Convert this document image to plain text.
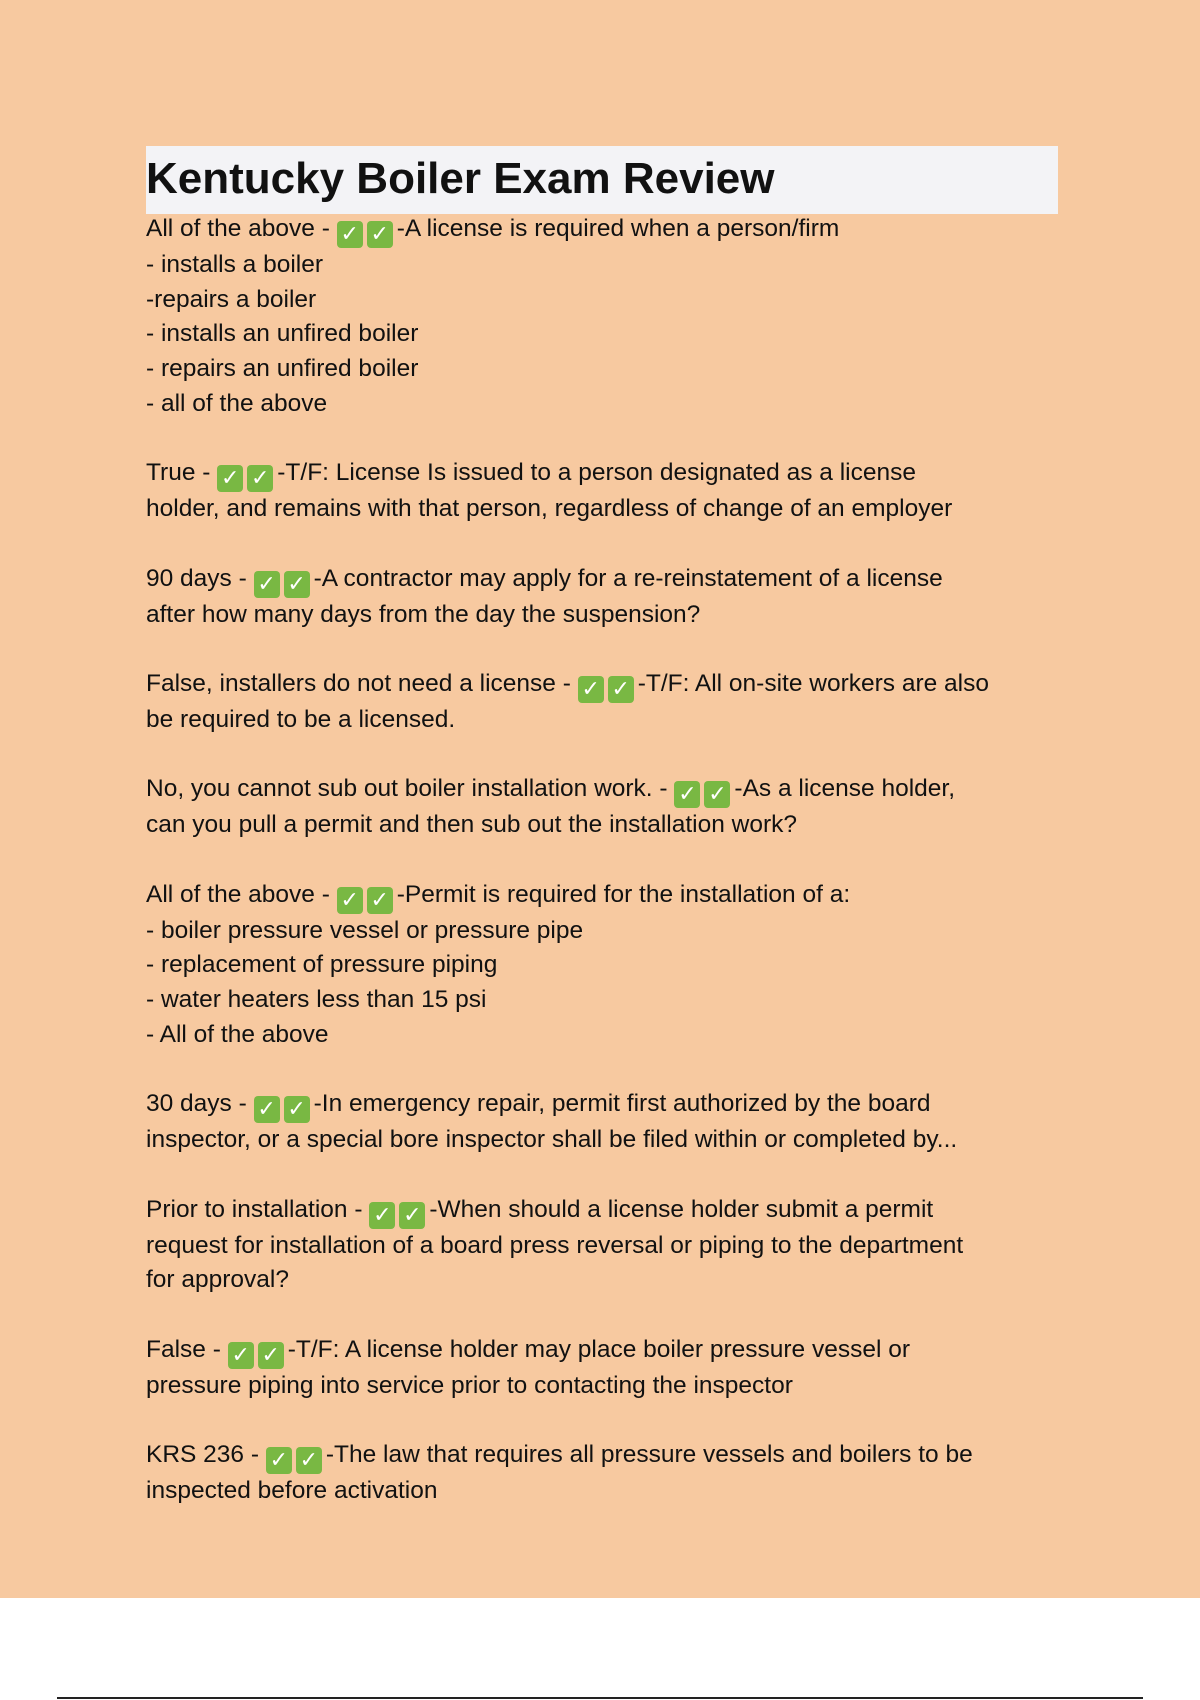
Kentucky Boiler Exam Review
All of the above - ✓ ✓ -A license is required when a person/firm
- installs a boiler
-repairs a boiler
- installs an unfired boiler
- repairs an unfired boiler
- all of the above
True - ✓ ✓ -T/F: License Is issued to a person designated as a license
holder, and remains with that person, regardless of change of an employer
90 days - ✓ ✓ -A contractor may apply for a re-reinstatement of a license
after how many days from the day the suspension?
False, installers do not need a license - ✓ ✓ -T/F: All on-site workers are also
be required to be a licensed.
No, you cannot sub out boiler installation work. - ✓ ✓ -As a license holder,
can you pull a permit and then sub out the installation work?
All of the above - ✓ ✓ -Permit is required for the installation of a:
- boiler pressure vessel or pressure pipe
- replacement of pressure piping
- water heaters less than 15 psi
- All of the above
30 days - ✓ ✓ -In emergency repair, permit first authorized by the board
inspector, or a special bore inspector shall be filed within or completed by...
Prior to installation - ✓ ✓ -When should a license holder submit a permit
request for installation of a board press reversal or piping to the department
for approval?
False - ✓ ✓ -T/F: A license holder may place boiler pressure vessel or
pressure piping into service prior to contacting the inspector
KRS 236 - ✓ ✓ -The law that requires all pressure vessels and boilers to be
inspected before activation
